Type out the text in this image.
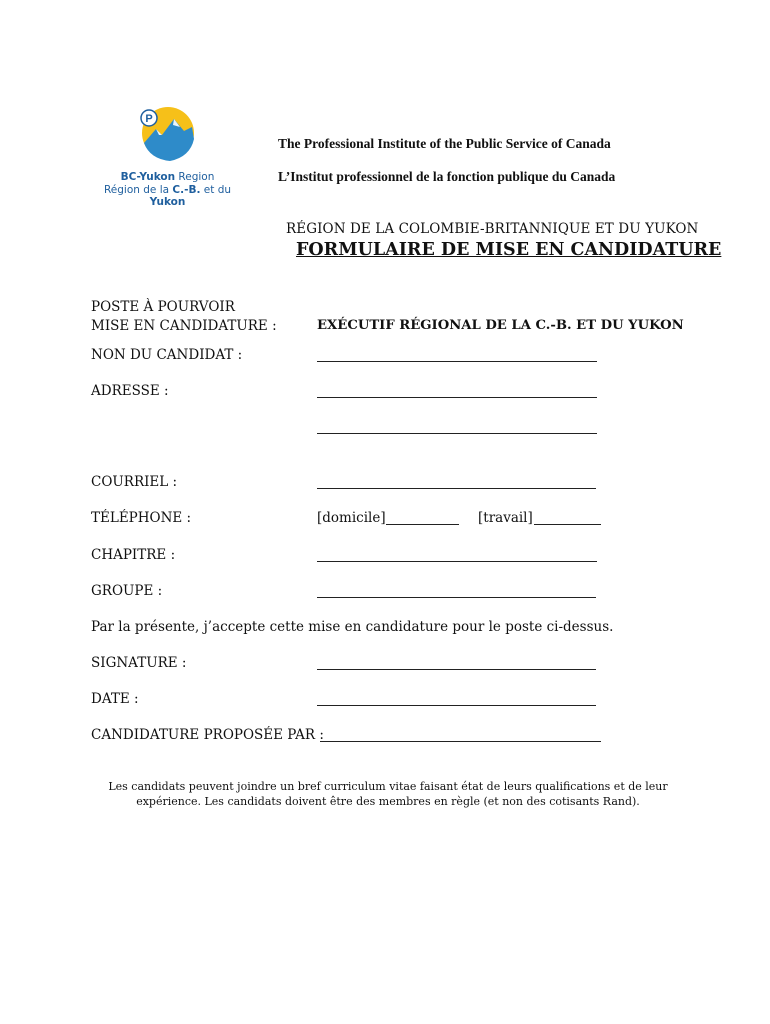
P
BC-Yukon Region
Région de la C.-B. et du Yukon
The Professional Institute of the Public Service of Canada
L’Institut professionnel de la fonction publique du Canada
RÉGION DE LA COLOMBIE-BRITANNIQUE ET DU YUKON
FORMULAIRE DE MISE EN CANDIDATURE
POSTE À POURVOIR
MISE EN CANDIDATURE :	EXÉCUTIF RÉGIONAL DE LA C.-B. ET DU YUKON
NON DU CANDIDAT :
ADRESSE :
COURRIEL :
TÉLÉPHONE :	[domicile]	[travail]
CHAPITRE :
GROUPE :
Par la présente, j’accepte cette mise en candidature pour le poste ci-dessus.
SIGNATURE :
DATE :
CANDIDATURE PROPOSÉE PAR :
Les candidats peuvent joindre un bref curriculum vitae faisant état de leurs qualifications et de leur
expérience. Les candidats doivent être des membres en règle (et non des cotisants Rand).
